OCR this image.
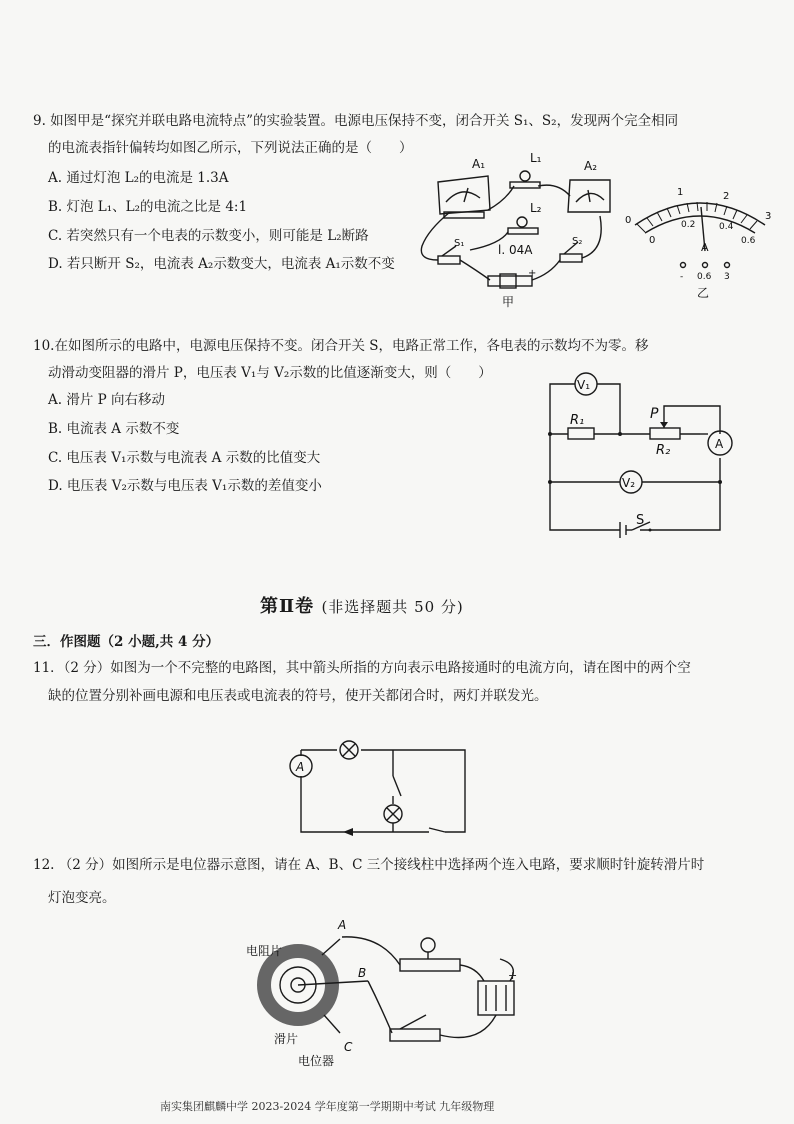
9. 如图甲是“探究并联电路电流特点”的实验装置。电源电压保持不变，闭合开关 S₁、S₂，发现两个完全相同
的电流表指针偏转均如图乙所示，下列说法正确的是（　　）
A. 通过灯泡 L₂的电流是 1.3A
B. 灯泡 L₁、L₂的电流之比是 4:1
C. 若突然只有一个电表的示数变小，则可能是 L₂断路
D. 若只断开 S₂，电流表 A₂示数变大，电流表 A₁示数不变
A₁	L₁
A₂
L₂
l. 04A
S₁	S₂
+
甲
1	2
3
0
0
0.2	0.4
0.6
A
- 0.6 3
乙
10.在如图所示的电路中，电源电压保持不变。闭合开关 S，电路正常工作，各电表的示数均不为零。移
动滑动变阻器的滑片 P，电压表 V₁与 V₂示数的比值逐渐变大，则（　　）
A. 滑片 P 向右移动
B. 电流表 A 示数不变
C. 电压表 V₁示数与电流表 A 示数的比值变大
D. 电压表 V₂示数与电压表 V₁示数的差值变小
V₁
R₁	P
R₂	A
V₂
S
第Ⅱ卷 (非选择题共 50 分)
三．作图题（2 小题,共 4 分）
11．（2 分）如图为一个不完整的电路图，其中箭头所指的方向表示电路接通时的电流方向，请在图中的两个空
缺的位置分别补画电源和电压表或电流表的符号，使开关都闭合时，两灯并联发光。
A
12. （2 分）如图所示是电位器示意图，请在 A、B、C 三个接线柱中选择两个连入电路，要求顺时针旋转滑片时
灯泡变亮。
电阻片
滑片
电位器
A
B
C
+
南实集团麒麟中学 2023-2024 学年度第一学期期中考试 九年级物理
